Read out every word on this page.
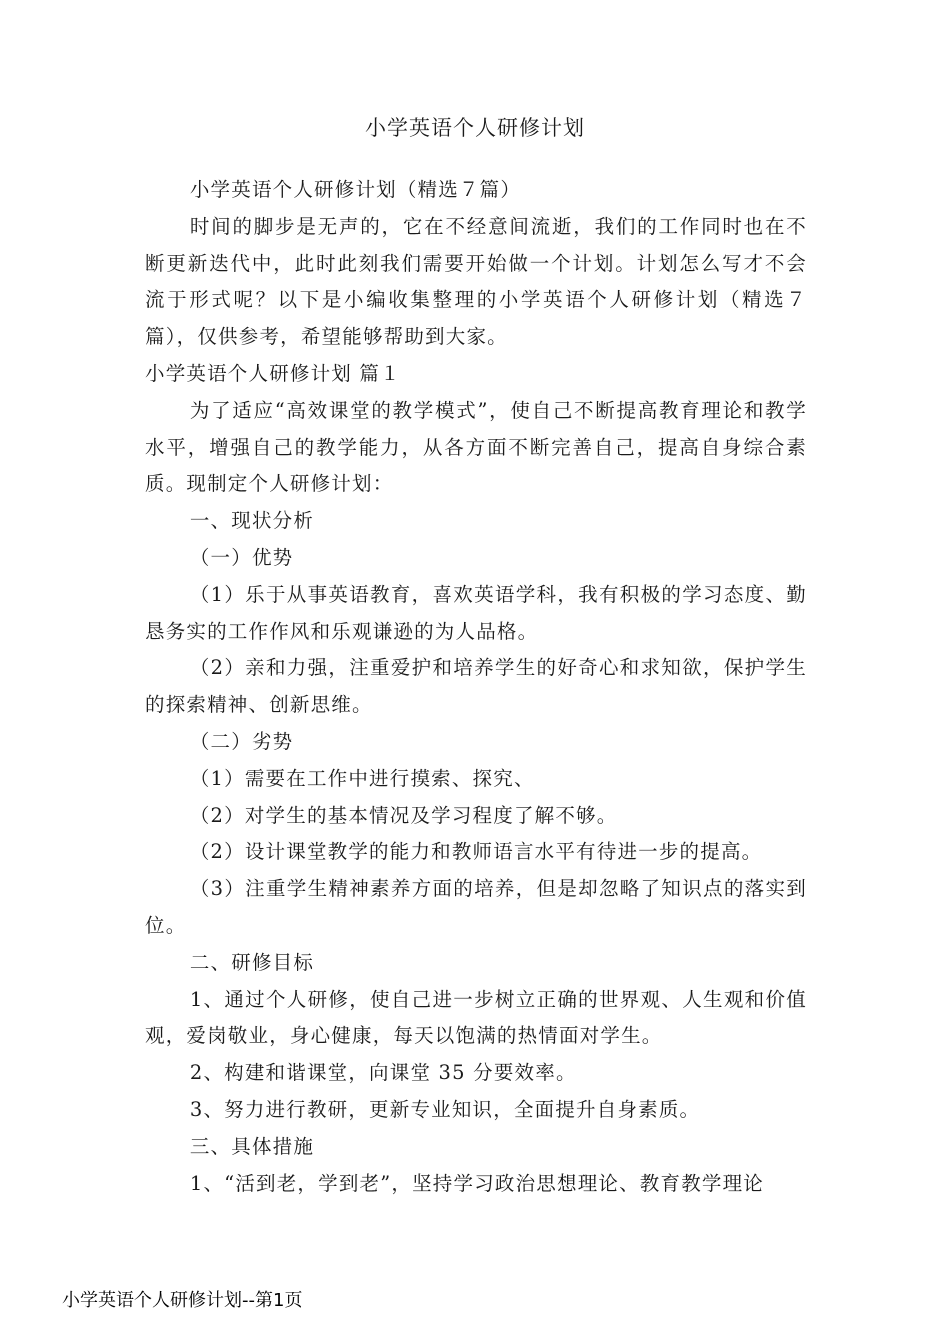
小学英语个人研修计划

小学英语个人研修计划（精选７篇）

时间的脚步是无声的，它在不经意间流逝，我们的工作同时也在不断更新迭代中，此时此刻我们需要开始做一个计划。计划怎么写才不会流于形式呢？以下是小编收集整理的小学英语个人研修计划（精选７篇），仅供参考，希望能够帮助到大家。

小学英语个人研修计划 篇１

为了适应“高效课堂的教学模式”，使自己不断提高教育理论和教学水平，增强自己的教学能力，从各方面不断完善自己，提高自身综合素质。现制定个人研修计划：

一、现状分析

（一）优势

（1）乐于从事英语教育，喜欢英语学科，我有积极的学习态度、勤恳务实的工作作风和乐观谦逊的为人品格。

（2）亲和力强，注重爱护和培养学生的好奇心和求知欲，保护学生的探索精神、创新思维。

（二）劣势

（1）需要在工作中进行摸索、探究、

（2）对学生的基本情况及学习程度了解不够。

（2）设计课堂教学的能力和教师语言水平有待进一步的提高。

（3）注重学生精神素养方面的培养，但是却忽略了知识点的落实到位。

二、研修目标

1、通过个人研修，使自己进一步树立正确的世界观、人生观和价值观，爱岗敬业，身心健康，每天以饱满的热情面对学生。

2、构建和谐课堂，向课堂 35 分要效率。

3、努力进行教研，更新专业知识，全面提升自身素质。

三、具体措施

1、“活到老，学到老”，坚持学习政治思想理论、教育教学理论

小学英语个人研修计划--第1页
